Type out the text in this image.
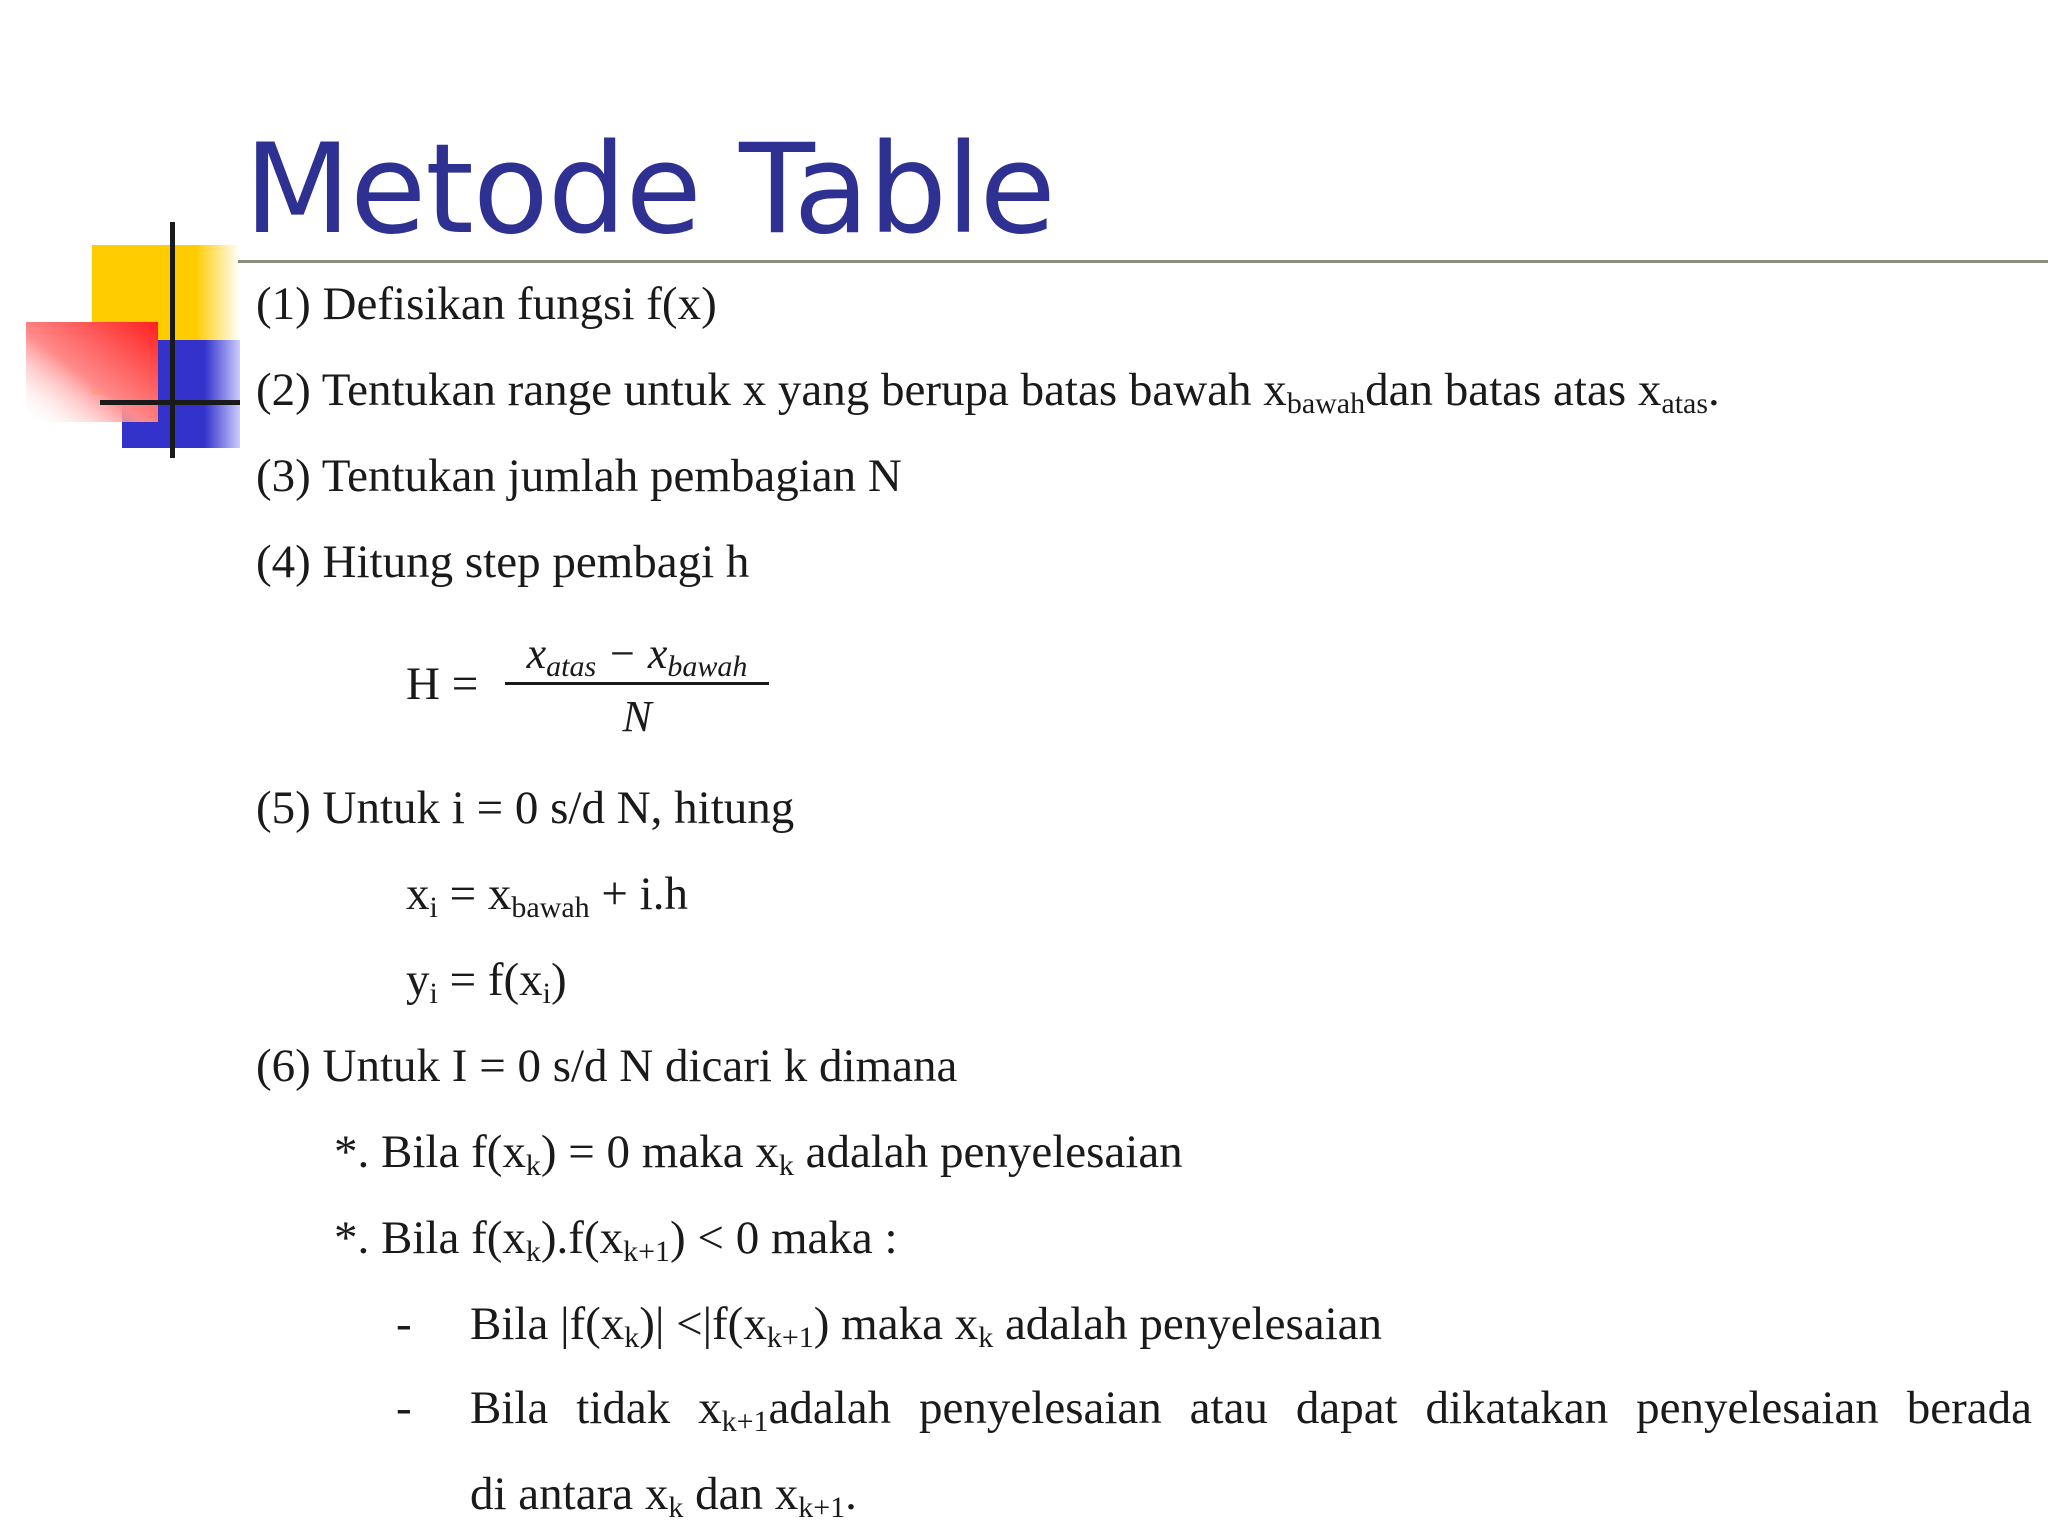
Metode Table
(1) Defisikan fungsi f(x)
(2) Tentukan range untuk x yang berupa batas bawah $x_{bawah}dan$ batas atas $x_{atas}$.
(3) Tentukan jumlah pembagian N
(4) Hitung step pembagi h
H =
$x_{atas} - x_{bawah}$
N
(5) Untuk i = 0 s/d N, hitung
$x_i = x_{bawah} + i.h$
$y_i = f(x_i)$
(6) Untuk I = 0 s/d N dicari k dimana
*. Bila $f(x_k) = 0$ maka $x_k$ adalah penyelesaian
*. Bila $f(x_k).f(x_{k+1}) < 0$ maka :
- Bila $|f(x_k)| <|f(x_{k+1})$ maka $x_k$ adalah penyelesaian
- Bila tidak $x_{k+1}adalah$ penyelesaian atau dapat dikatakan penyelesaian berada
di antara $x_k$ dan $x_{k+1}$.
